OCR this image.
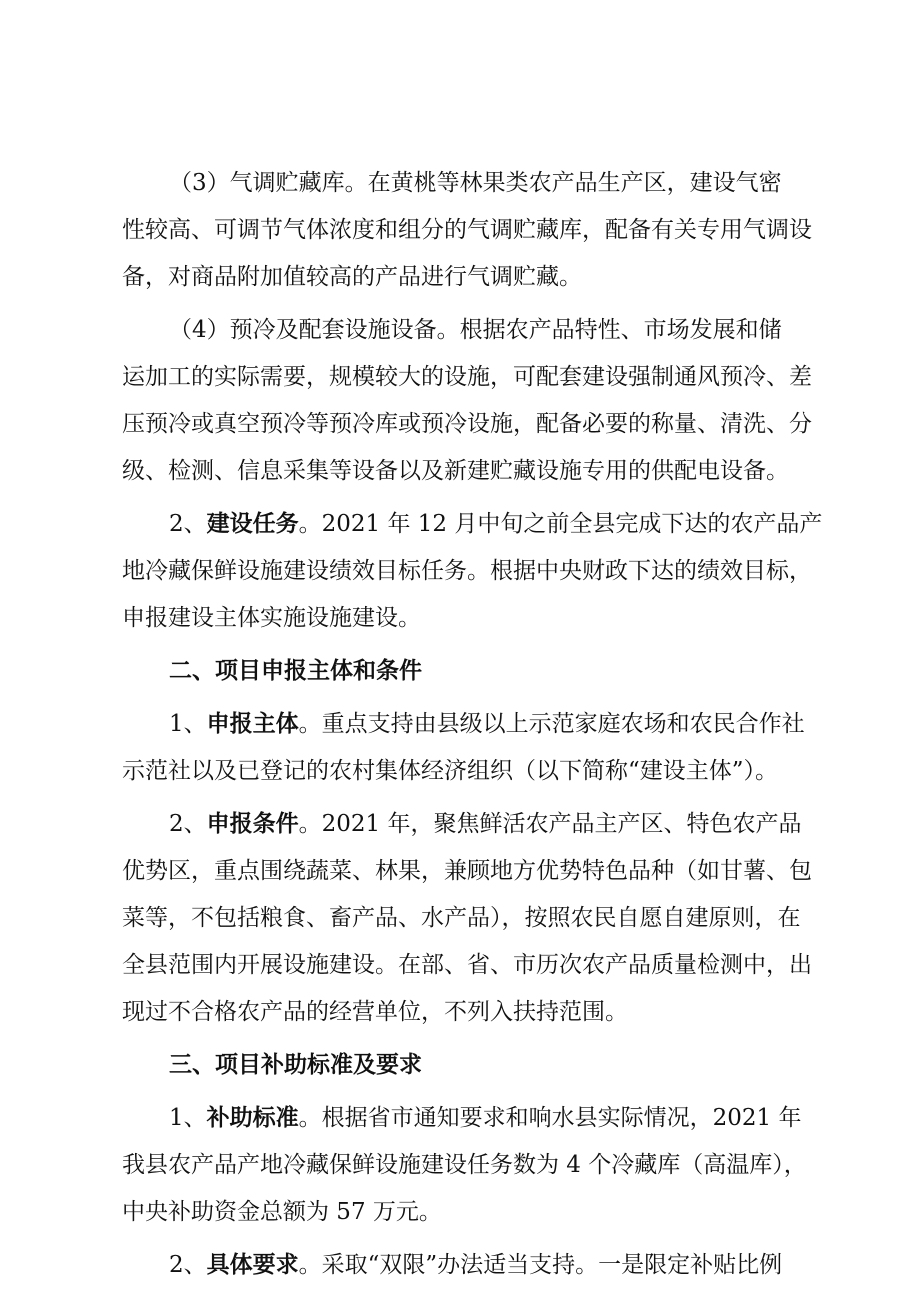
（3）气调贮藏库。在黄桃等林果类农产品生产区，建设气密
性较高、可调节气体浓度和组分的气调贮藏库，配备有关专用气调设
备，对商品附加值较高的产品进行气调贮藏。

（4）预冷及配套设施设备。根据农产品特性、市场发展和储
运加工的实际需要，规模较大的设施，可配套建设强制通风预冷、差
压预冷或真空预冷等预冷库或预冷设施，配备必要的称量、清洗、分
级、检测、信息采集等设备以及新建贮藏设施专用的供配电设备。

2、建设任务。2021 年 12 月中旬之前全县完成下达的农产品产
地冷藏保鲜设施建设绩效目标任务。根据中央财政下达的绩效目标，
申报建设主体实施设施建设。

二、项目申报主体和条件

1、申报主体。重点支持由县级以上示范家庭农场和农民合作社
示范社以及已登记的农村集体经济组织（以下简称“建设主体”）。

2、申报条件。2021 年，聚焦鲜活农产品主产区、特色农产品
优势区，重点围绕蔬菜、林果，兼顾地方优势特色品种（如甘薯、包
菜等，不包括粮食、畜产品、水产品），按照农民自愿自建原则，在
全县范围内开展设施建设。在部、省、市历次农产品质量检测中，出
现过不合格农产品的经营单位，不列入扶持范围。

三、项目补助标准及要求

1、补助标准。根据省市通知要求和响水县实际情况，2021 年
我县农产品产地冷藏保鲜设施建设任务数为 4 个冷藏库（高温库），
中央补助资金总额为 57 万元。

2、具体要求。采取“双限”办法适当支持。一是限定补贴比例
